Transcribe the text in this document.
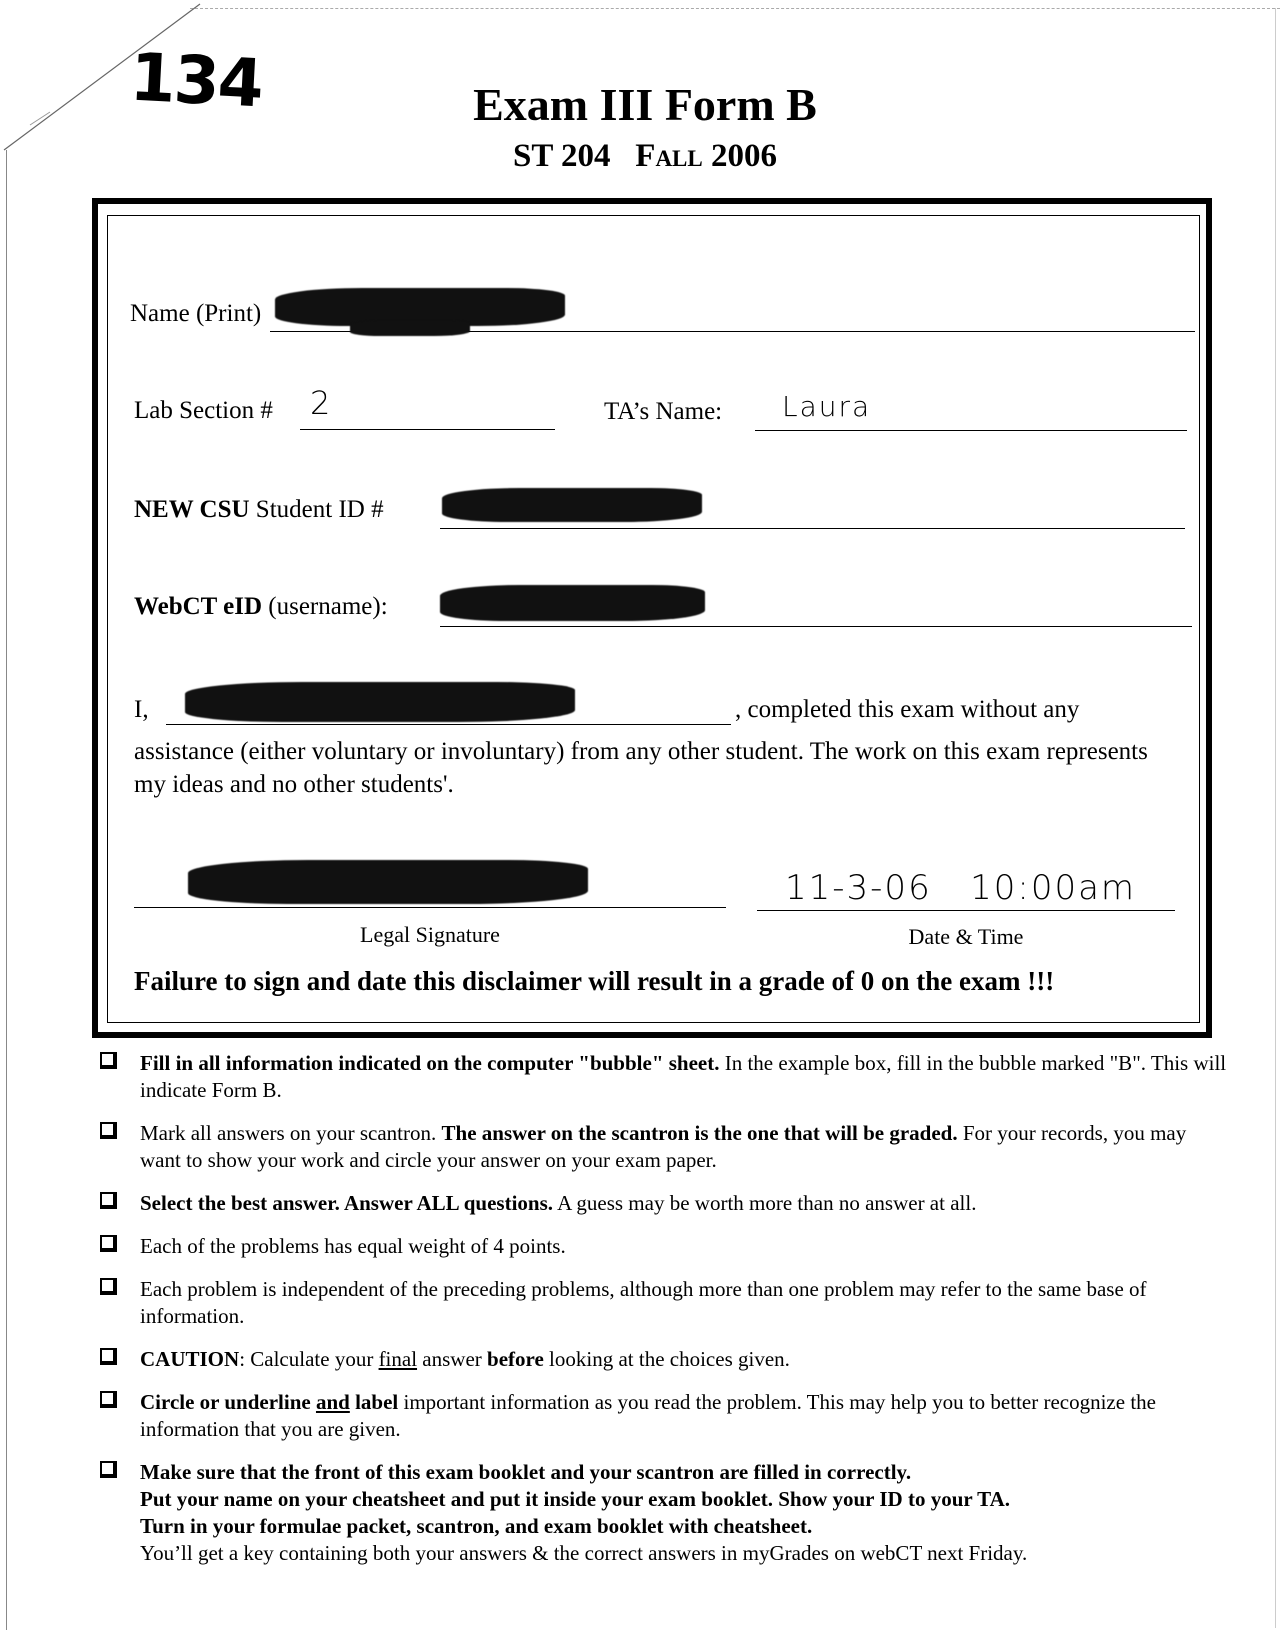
134	Exam III Form B
ST 204 Fall 2006
Name (Print)
Lab Section # 2	TA’s Name: Laura
NEW CSU Student ID #
WebCT eID (username):
I,	, completed this exam without any
assistance (either voluntary or involuntary) from any other student. The work on this exam represents my ideas and no other students'.
11-3-06   10:00am
Legal Signature	Date & Time
Failure to sign and date this disclaimer will result in a grade of 0 on the exam !!!
Fill in all information indicated on the computer "bubble" sheet. In the example box, fill in the bubble marked "B". This will indicate Form B.
Mark all answers on your scantron. The answer on the scantron is the one that will be graded. For your records, you may want to show your work and circle your answer on your exam paper.
Select the best answer. Answer ALL questions. A guess may be worth more than no answer at all.
Each of the problems has equal weight of 4 points.
Each problem is independent of the preceding problems, although more than one problem may refer to the same base of information.
CAUTION: Calculate your final answer before looking at the choices given.
Circle or underline and label important information as you read the problem. This may help you to better recognize the information that you are given.
Make sure that the front of this exam booklet and your scantron are filled in correctly.
Put your name on your cheatsheet and put it inside your exam booklet. Show your ID to your TA.
Turn in your formulae packet, scantron, and exam booklet with cheatsheet.
You’ll get a key containing both your answers & the correct answers in myGrades on webCT next Friday.
